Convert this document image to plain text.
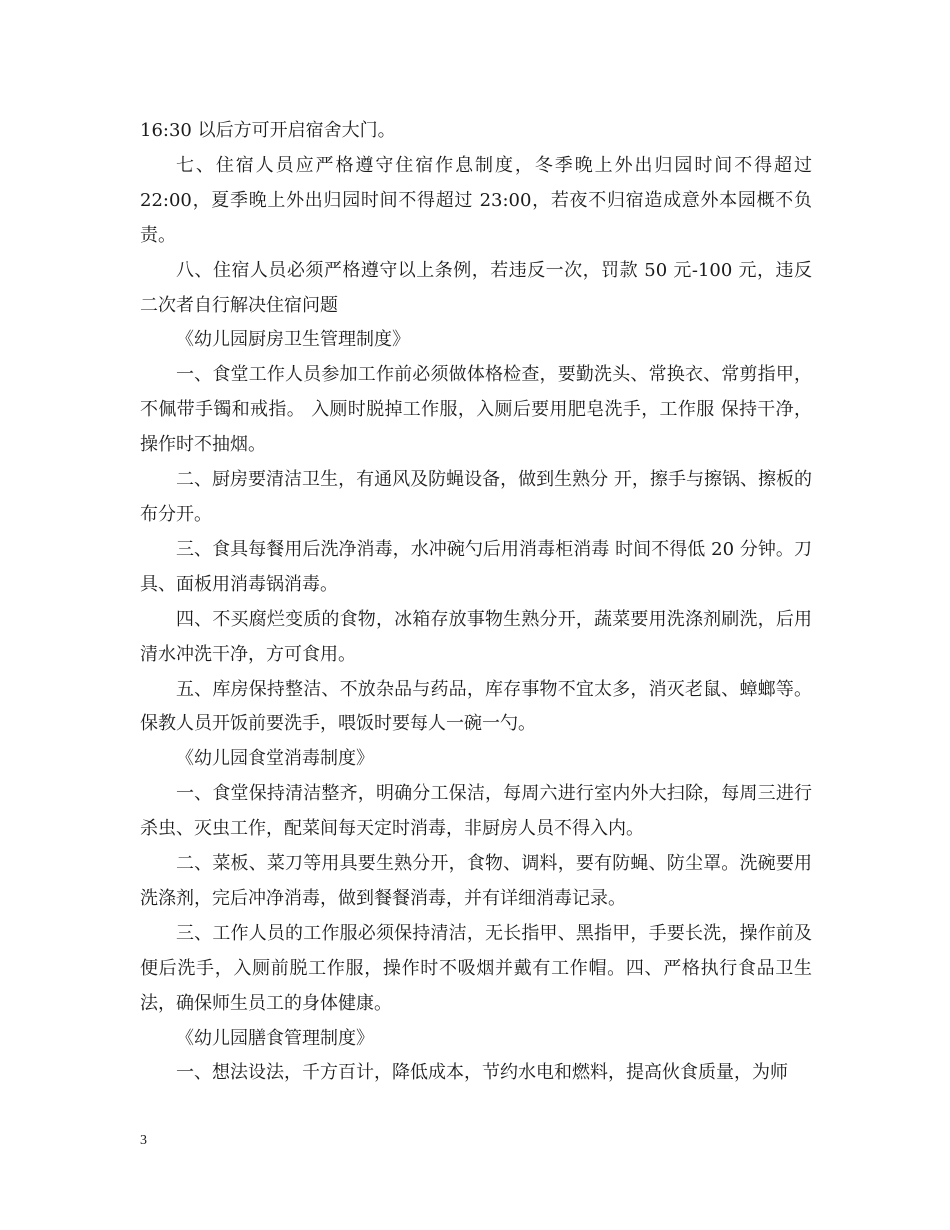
16:30 以后方可开启宿舍大门。

七、住宿人员应严格遵守住宿作息制度，冬季晚上外出归园时间不得超过22:00，夏季晚上外出归园时间不得超过 23:00，若夜不归宿造成意外本园概不负责。

八、住宿人员必须严格遵守以上条例，若违反一次，罚款 50 元-100 元，违反二次者自行解决住宿问题

《幼儿园厨房卫生管理制度》

一、食堂工作人员参加工作前必须做体格检查，要勤洗头、常换衣、常剪指甲，不佩带手镯和戒指。 入厕时脱掉工作服，入厕后要用肥皂洗手，工作服 保持干净，操作时不抽烟。

二、厨房要清洁卫生，有通风及防蝇设备，做到生熟分 开，擦手与擦锅、擦板的布分开。

三、食具每餐用后洗净消毒，水冲碗勺后用消毒柜消毒 时间不得低 20 分钟。刀具、面板用消毒锅消毒。

四、不买腐烂变质的食物，冰箱存放事物生熟分开，蔬菜要用洗涤剂刷洗，后用清水冲洗干净，方可食用。

五、库房保持整洁、不放杂品与药品，库存事物不宜太多，消灭老鼠、蟑螂等。保教人员开饭前要洗手，喂饭时要每人一碗一勺。

《幼儿园食堂消毒制度》

一、食堂保持清洁整齐，明确分工保洁，每周六进行室内外大扫除，每周三进行杀虫、灭虫工作，配菜间每天定时消毒，非厨房人员不得入内。

二、菜板、菜刀等用具要生熟分开，食物、调料，要有防蝇、防尘罩。洗碗要用洗涤剂，完后冲净消毒，做到餐餐消毒，并有详细消毒记录。

三、工作人员的工作服必须保持清洁，无长指甲、黑指甲，手要长洗，操作前及便后洗手，入厕前脱工作服，操作时不吸烟并戴有工作帽。四、严格执行食品卫生法，确保师生员工的身体健康。

《幼儿园膳食管理制度》

一、想法设法，千方百计，降低成本，节约水电和燃料，提高伙食质量，为师

3
